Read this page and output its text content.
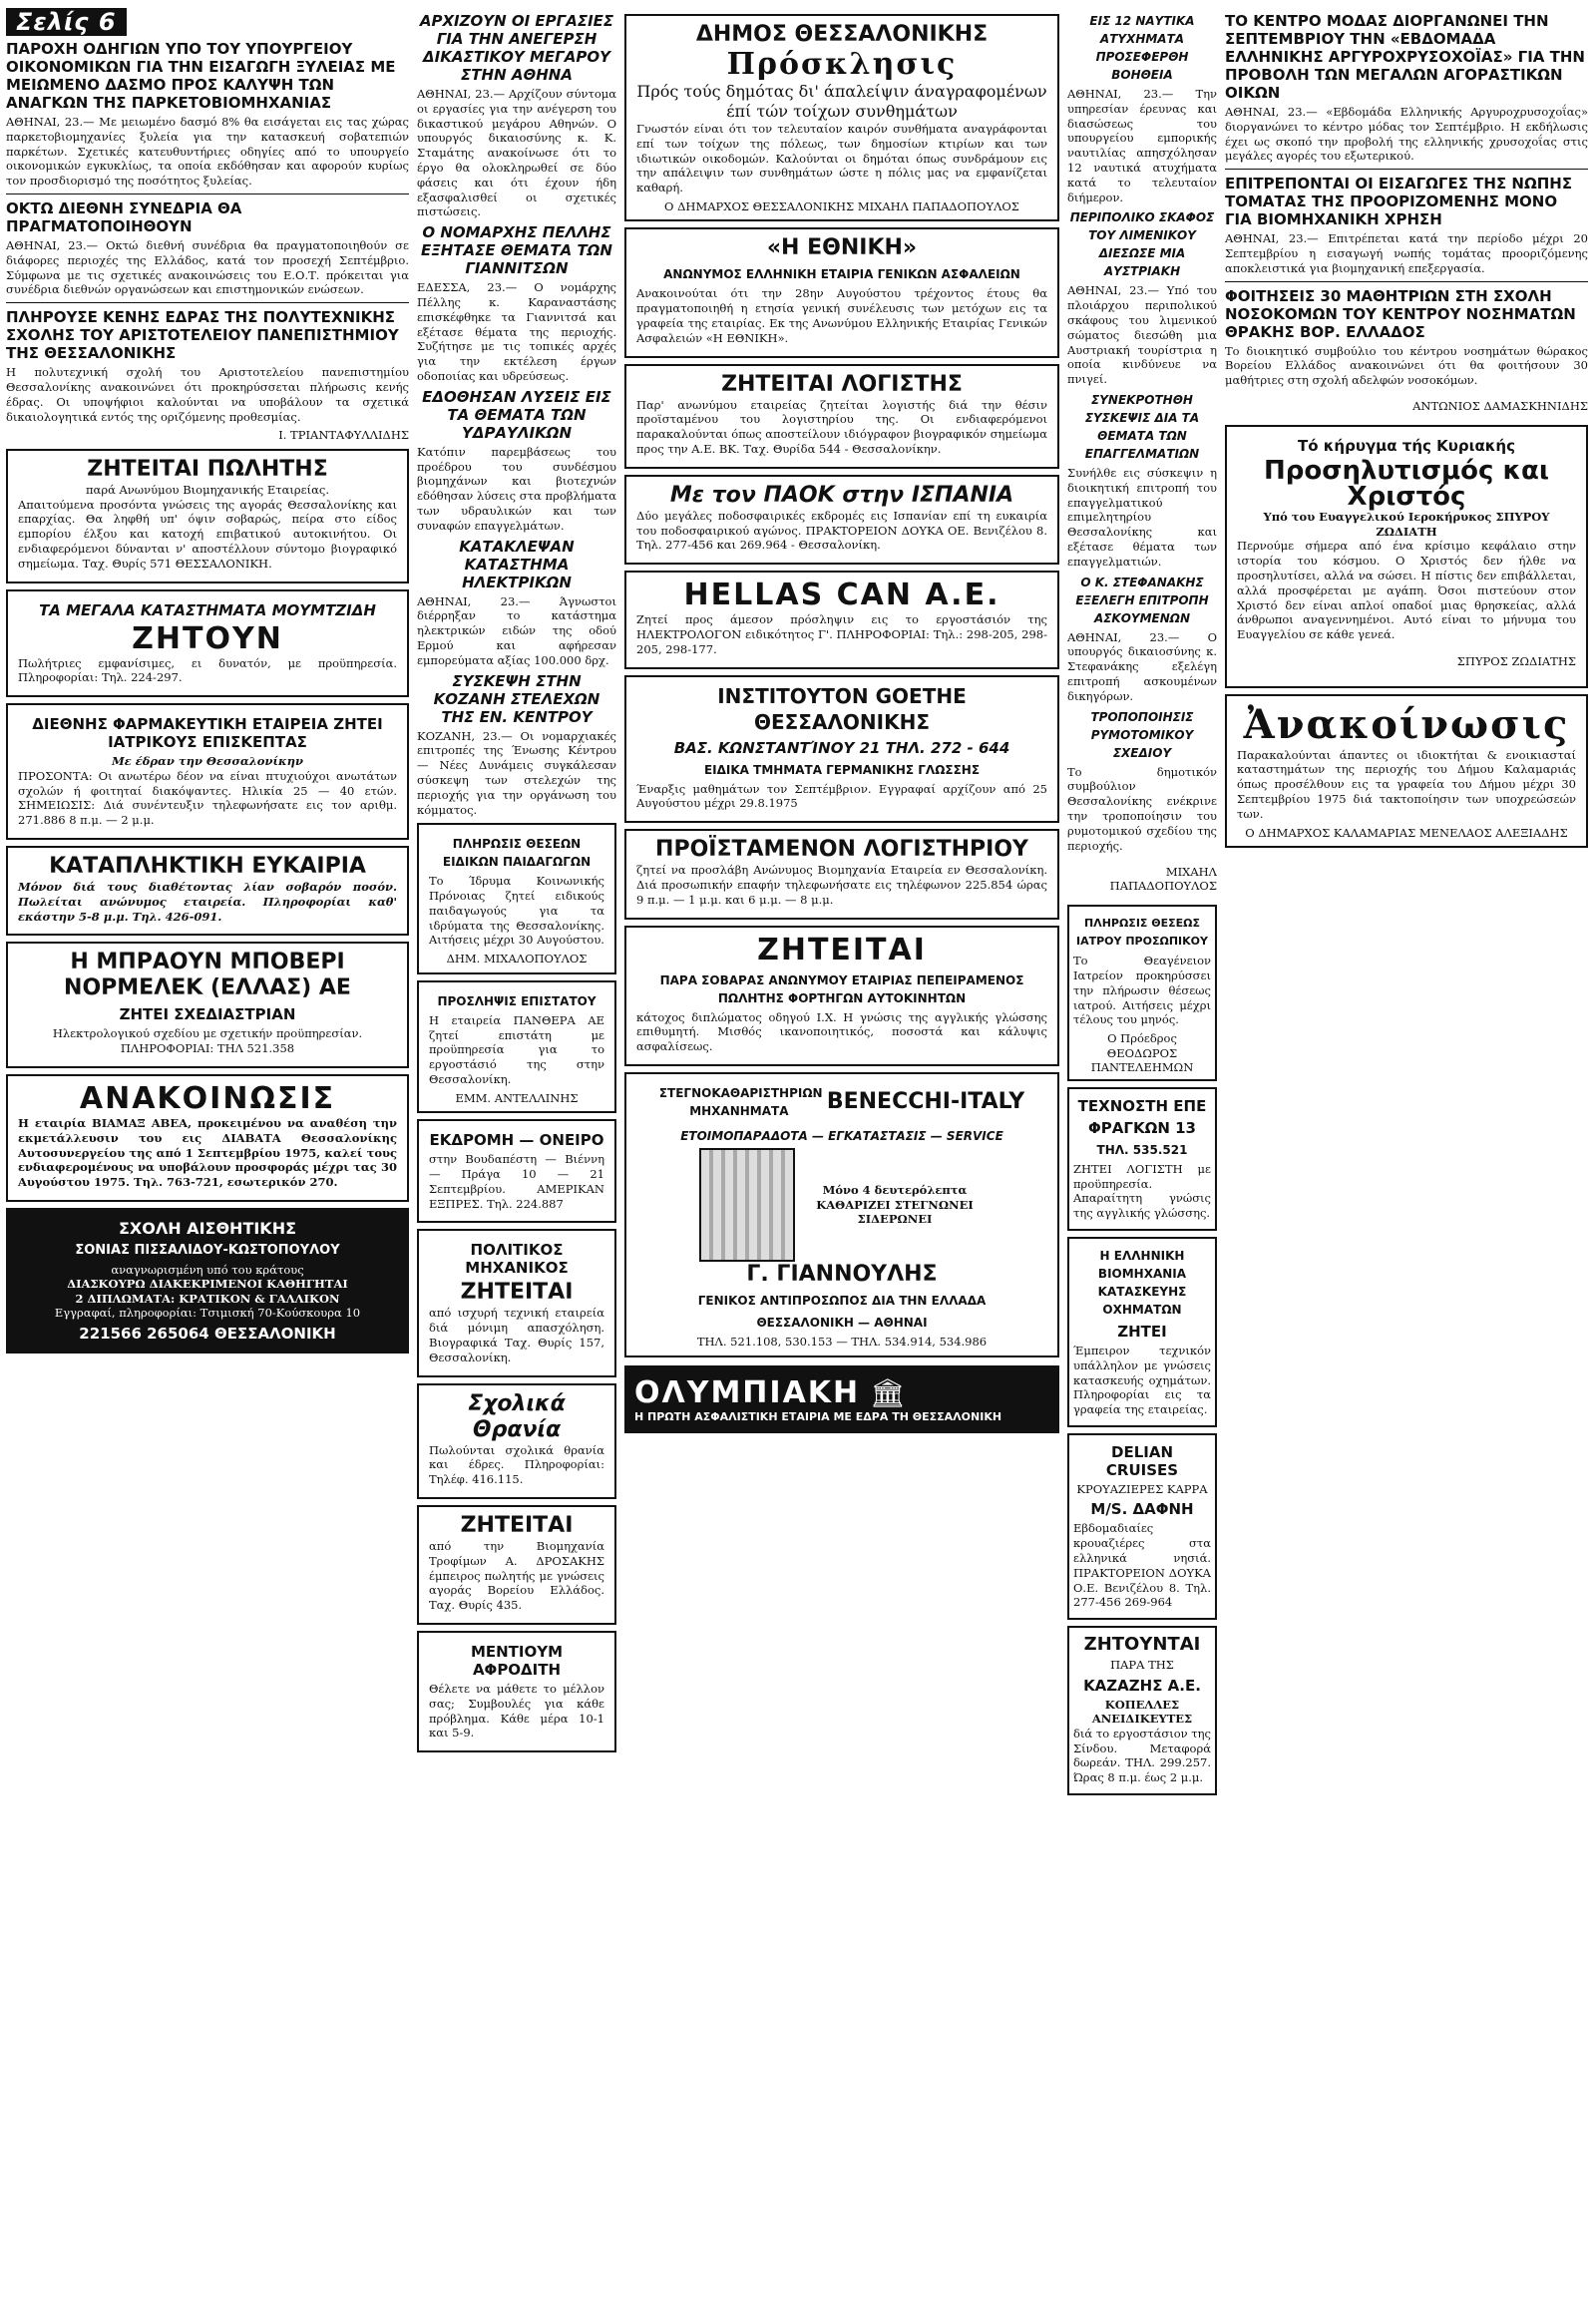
Σελίς 6
ΠΑΡΟΧΗ ΟΔΗΓΙΩΝ ΥΠΟ ΤΟΥ ΥΠΟΥΡΓΕΙΟΥ ΟΙΚΟΝΟΜΙΚΩΝ ΓΙΑ ΤΗΝ ΕΙΣΑΓΩΓΗ ΞΥΛΕΙΑΣ ΜΕ ΜΕΙΩΜΕΝΟ ΔΑΣΜΟ ΠΡΟΣ ΚΑΛΥΨΗ ΤΩΝ ΑΝΑΓΚΩΝ ΤΗΣ ΠΑΡΚΕΤΟΒΙΟΜΗΧΑΝΙΑΣ

ΑΘΗΝΑΙ, 23.— Με μειωμένο δασμό 8% θα εισάγεται εις τας χώρας παρκετοβιομηχανίες ξυλεία για την κατασκευή σοβατεπιών παρκέτων. Σχετικές κατευθυντήριες οδηγίες από το υπουργείο οικονομικών εγκυκλίως, τα οποία εκδόθησαν και αφορούν κυρίως τον προσδιορισμό της ποσότητος ξυλείας.

ΟΚΤΩ ΔΙΕΘΝΗ ΣΥΝΕΔΡΙΑ ΘΑ ΠΡΑΓΜΑΤΟΠΟΙΗΘΟΥΝ

ΑΘΗΝΑΙ, 23.— Οκτώ διεθνή συνέδρια θα πραγματοποιηθούν σε διάφορες περιοχές της Ελλάδος, κατά τον προσεχή Σεπτέμβριο. Σύμφωνα με τις σχετικές ανακοινώσεις του Ε.Ο.Τ. πρόκειται για συνέδρια διεθνών οργανώσεων και επιστημονικών ενώσεων.

ΠΛΗΡΟΥΣΕ ΚΕΝΗΣ ΕΔΡΑΣ ΤΗΣ ΠΟΛΥΤΕΧΝΙΚΗΣ ΣΧΟΛΗΣ ΤΟΥ ΑΡΙΣΤΟΤΕΛΕΙΟΥ ΠΑΝΕΠΙΣΤΗΜΙΟΥ ΤΗΣ ΘΕΣΣΑΛΟΝΙΚΗΣ

Η πολυτεχνική σχολή του Αριστοτελείου πανεπιστημίου Θεσσαλονίκης ανακοινώνει ότι προκηρύσσεται πλήρωσις κενής έδρας. Οι υποψήφιοι καλούνται να υποβάλουν τα σχετικά δικαιολογητικά εντός της οριζόμενης προθεσμίας.

Ι. ΤΡΙΑΝΤΑΦΥΛΛΙΔΗΣ

ΖΗΤΕΙΤΑΙ ΠΩΛΗΤΗΣ
παρά Ανωνύμου Βιομηχανικής Εταιρείας.

Απαιτούμενα προσόντα γνώσεις της αγοράς Θεσσαλονίκης και επαρχίας. Θα ληφθή υπ' όψιν σοβαρώς, πείρα στο είδος εμπορίου έλξου και κατοχή επιβατικού αυτοκινήτου. Οι ενδιαφερόμενοι δύνανται ν' αποστέλλουν σύντομο βιογραφικό σημείωμα. Ταχ. Θυρίς 571 ΘΕΣΣΑΛΟΝΙΚΗ.

ΤΑ ΜΕΓΑΛΑ ΚΑΤΑΣΤΗΜΑΤΑ ΜΟΥΜΤΖΙΔΗ
ΖΗΤΟΥΝ

Πωλήτριες εμφανίσιμες, ει δυνατόν, με προϋπηρεσία. Πληροφορίαι: Τηλ. 224-297.

ΔΙΕΘΝΗΣ ΦΑΡΜΑΚΕΥΤΙΚΗ ΕΤΑΙΡΕΙΑ ΖΗΤΕΙ ΙΑΤΡΙΚΟΥΣ ΕΠΙΣΚΕΠΤΑΣ
Με έδραν την Θεσσαλονίκην

ΠΡΟΣΟΝΤΑ: Οι ανωτέρω δέον να είναι πτυχιούχοι ανωτάτων σχολών ή φοιτηταί διακόψαντες. Ηλικία 25 — 40 ετών. ΣΗΜΕΙΩΣΙΣ: Διά συνέντευξιν τηλεφωνήσατε εις τον αριθμ. 271.886 8 π.μ. — 2 μ.μ.

ΚΑΤΑΠΛΗΚΤΙΚΗ ΕΥΚΑΙΡΙΑ

Μόνον διά τους διαθέτοντας λίαν σοβαρόν ποσόν. Πωλείται ανώνυμος εταιρεία. Πληροφορίαι καθ' εκάστην 5-8 μ.μ. Τηλ. 426-091.

Η ΜΠΡΑΟΥΝ ΜΠΟΒΕΡΙ ΝΟΡΜΕΛΕΚ (ΕΛΛΑΣ) ΑΕ
ΖΗΤΕΙ ΣΧΕΔΙΑΣΤΡΙΑΝ

Ηλεκτρολογικού σχεδίου με σχετικήν προϋπηρεσίαν. ΠΛΗΡΟΦΟΡΙΑΙ: ΤΗΛ 521.358

ΑΝΑΚΟΙΝΩΣΙΣ

Η εταιρία ΒΙΑΜΑΞ ΑΒΕΑ, προκειμένου να αναθέση την εκμετάλλευσιν του εις ΔΙΑΒΑΤΑ Θεσσαλονίκης Αυτοσυνεργείου της από 1 Σεπτεμβρίου 1975, καλεί τους ενδιαφερομένους να υποβάλουν προσφοράς μέχρι τας 30 Αυγούστου 1975. Τηλ. 763-721, εσωτερικόν 270.

ΣΧΟΛΗ ΑΙΣΘΗΤΙΚΗΣ
ΣΟΝΙΑΣ ΠΙΣΣΑΛΙΔΟΥ-ΚΩΣΤΟΠΟΥΛΟΥ
αναγνωρισμένη υπό του κράτους
ΔΙΑΣΚΟΥΡΩ ΔΙΑΚΕΚΡΙΜΕΝΟΙ ΚΑΘΗΓΗΤΑΙ
2 ΔΙΠΛΩΜΑΤΑ: ΚΡΑΤΙΚΟΝ & ΓΑΛΛΙΚΟΝ
Εγγραφαί, πληροφορίαι: Τσιμισκή 70-Κούσκουρα 10
221566 265064 ΘΕΣΣΑΛΟΝΙΚΗ
ΑΡΧΙΖΟΥΝ ΟΙ ΕΡΓΑΣΙΕΣ ΓΙΑ ΤΗΝ ΑΝΕΓΕΡΣΗ ΔΙΚΑΣΤΙΚΟΥ ΜΕΓΑΡΟΥ ΣΤΗΝ ΑΘΗΝΑ

ΑΘΗΝΑΙ, 23.— Αρχίζουν σύντομα οι εργασίες για την ανέγερση του δικαστικού μεγάρου Αθηνών. Ο υπουργός δικαιοσύνης κ. Κ. Σταμάτης ανακοίνωσε ότι το έργο θα ολοκληρωθεί σε δύο φάσεις και ότι έχουν ήδη εξασφαλισθεί οι σχετικές πιστώσεις.

Ο ΝΟΜΑΡΧΗΣ ΠΕΛΛΗΣ ΕΞΗΤΑΣΕ ΘΕΜΑΤΑ ΤΩΝ ΓΙΑΝΝΙΤΣΩΝ

ΕΔΕΣΣΑ, 23.— Ο νομάρχης Πέλλης κ. Καραναστάσης επισκέφθηκε τα Γιαννιτσά και εξέτασε θέματα της περιοχής. Συζήτησε με τις τοπικές αρχές για την εκτέλεση έργων οδοποιίας και υδρεύσεως.

ΕΔΟΘΗΣΑΝ ΛΥΣΕΙΣ ΕΙΣ ΤΑ ΘΕΜΑΤΑ ΤΩΝ ΥΔΡΑΥΛΙΚΩΝ

Κατόπιν παρεμβάσεως του προέδρου του συνδέσμου βιομηχάνων και βιοτεχνών εδόθησαν λύσεις στα προβλήματα των υδραυλικών και των συναφών επαγγελμάτων.

ΚΑΤΑΚΛΕΨΑΝ ΚΑΤΑΣΤΗΜΑ ΗΛΕΚΤΡΙΚΩΝ

ΑΘΗΝΑΙ, 23.— Άγνωστοι διέρρηξαν το κατάστημα ηλεκτρικών ειδών της οδού Ερμού και αφήρεσαν εμπορεύματα αξίας 100.000 δρχ.

ΣΥΣΚΕΨΗ ΣΤΗΝ ΚΟΖΑΝΗ ΣΤΕΛΕΧΩΝ ΤΗΣ ΕΝ. ΚΕΝΤΡΟΥ

ΚΟΖΑΝΗ, 23.— Οι νομαρχιακές επιτροπές της Ένωσης Κέντρου — Νέες Δυνάμεις συγκάλεσαν σύσκεψη των στελεχών της περιοχής για την οργάνωση του κόμματος.

ΠΛΗΡΩΣΙΣ ΘΕΣΕΩΝ ΕΙΔΙΚΩΝ ΠΑΙΔΑΓΩΓΩΝ

Το Ίδρυμα Κοινωνικής Πρόνοιας ζητεί ειδικούς παιδαγωγούς για τα ιδρύματα της Θεσσαλονίκης. Αιτήσεις μέχρι 30 Αυγούστου.

ΔΗΜ. ΜΙΧΑΛΟΠΟΥΛΟΣ
ΠΡΟΣΛΗΨΙΣ ΕΠΙΣΤΑΤΟΥ

Η εταιρεία ΠΑΝΘΕΡΑ ΑΕ ζητεί επιστάτη με προϋπηρεσία για το εργοστάσιό της στην Θεσσαλονίκη.

ΕΜΜ. ΑΝΤΕΛΛΙΝΗΣ
ΕΚΔΡΟΜΗ — ΟΝΕΙΡΟ

στην Βουδαπέστη — Βιέννη — Πράγα 10 — 21 Σεπτεμβρίου. ΑΜΕΡΙΚΑΝ ΕΞΠΡΕΣ. Τηλ. 224.887

ΠΟΛΙΤΙΚΟΣ ΜΗΧΑΝΙΚΟΣ
ΖΗΤΕΙΤΑΙ

από ισχυρή τεχνική εταιρεία διά μόνιμη απασχόληση. Βιογραφικά Ταχ. Θυρίς 157, Θεσσαλονίκη.

Σχολικά Θρανία

Πωλούνται σχολικά θρανία και έδρες. Πληροφορίαι: Τηλέφ. 416.115.

ΖΗΤΕΙΤΑΙ

από την Βιομηχανία Τροφίμων Α. ΔΡΟΣΑΚΗΣ έμπειρος πωλητής με γνώσεις αγοράς Βορείου Ελλάδος. Ταχ. Θυρίς 435.

ΜΕΝΤΙΟΥΜ ΑΦΡΟΔΙΤΗ

Θέλετε να μάθετε το μέλλον σας; Συμβουλές για κάθε πρόβλημα. Κάθε μέρα 10-1 και 5-9.

ΔΗΜΟΣ ΘΕΣΣΑΛΟΝΙΚΗΣ
Πρόσκλησις
Πρός τούς δημότας δι' άπαλείψιν άναγραφομένων έπί τών τοίχων συνθημάτων

Γνωστόν είναι ότι τον τελευταίον καιρόν συνθήματα αναγράφονται επί των τοίχων της πόλεως, των δημοσίων κτιρίων και των ιδιωτικών οικοδομών. Καλούνται οι δημόται όπως συνδράμουν εις την απάλειψιν των συνθημάτων ώστε η πόλις μας να εμφανίζεται καθαρή.

Ο ΔΗΜΑΡΧΟΣ ΘΕΣΣΑΛΟΝΙΚΗΣ ΜΙΧΑΗΛ ΠΑΠΑΔΟΠΟΥΛΟΣ
«Η ΕΘΝΙΚΗ»
ΑΝΩΝΥΜΟΣ ΕΛΛΗΝΙΚΗ ΕΤΑΙΡΙΑ ΓΕΝΙΚΩΝ ΑΣΦΑΛΕΙΩΝ

Ανακοινούται ότι την 28ην Αυγούστου τρέχοντος έτους θα πραγματοποιηθή η ετησία γενική συνέλευσις των μετόχων εις τα γραφεία της εταιρίας. Εκ της Ανωνύμου Ελληνικής Εταιρίας Γενικών Ασφαλειών «Η ΕΘΝΙΚΗ».

ΖΗΤΕΙΤΑΙ ΛΟΓΙΣΤΗΣ

Παρ' ανωνύμου εταιρείας ζητείται λογιστής διά την θέσιν προϊσταμένου του λογιστηρίου της. Οι ενδιαφερόμενοι παρακαλούνται όπως αποστείλουν ιδιόγραφον βιογραφικόν σημείωμα προς την Α.Ε. ΒΚ. Ταχ. Θυρίδα 544 - Θεσσαλονίκην.

Με τον ΠΑΟΚ στην ΙΣΠΑΝΙΑ

Δύο μεγάλες ποδοσφαιρικές εκδρομές εις Ισπανίαν επί τη ευκαιρία του ποδοσφαιρικού αγώνος. ΠΡΑΚΤΟΡΕΙΟΝ ΔΟΥΚΑ ΟΕ. Βενιζέλου 8. Τηλ. 277-456 και 269.964 - Θεσσαλονίκη.

HELLAS CAN A.E.

Ζητεί προς άμεσον πρόσληψιν εις το εργοστάσιόν της ΗΛΕΚΤΡΟΛΟΓΟΝ ειδικότητος Γ'. ΠΛΗΡΟΦΟΡΙΑΙ: Τηλ.: 298-205, 298-205, 298-177.

ΙΝΣΤΙΤΟΥΤΟΝ GOETHE ΘΕΣΣΑΛΟΝΙΚΗΣ
ΒΑΣ. ΚΩΝΣΤΑΝΤΊΝΟΥ 21 ΤΗΛ. 272 - 644
ΕΙΔΙΚΑ ΤΜΗΜΑΤΑ ΓΕΡΜΑΝΙΚΗΣ ΓΛΩΣΣΗΣ

Έναρξις μαθημάτων τον Σεπτέμβριον. Εγγραφαί αρχίζουν από 25 Αυγούστου μέχρι 29.8.1975

ΠΡΟΪΣΤΑΜΕΝΟΝ ΛΟΓΙΣΤΗΡΙΟΥ

ζητεί να προσλάβη Ανώνυμος Βιομηχανία Εταιρεία εν Θεσσαλονίκη. Διά προσωπικήν επαφήν τηλεφωνήσατε εις τηλέφωνον 225.854 ώρας 9 π.μ. — 1 μ.μ. και 6 μ.μ. — 8 μ.μ.

ΖΗΤΕΙΤΑΙ
ΠΑΡΑ ΣΟΒΑΡΑΣ ΑΝΩΝΥΜΟΥ ΕΤΑΙΡΙΑΣ ΠΕΠΕΙΡΑΜΕΝΟΣ ΠΩΛΗΤΗΣ ΦΟΡΤΗΓΩΝ ΑΥΤΟΚΙΝΗΤΩΝ

κάτοχος διπλώματος οδηγού Ι.Χ. Η γνώσις της αγγλικής γλώσσης επιθυμητή. Μισθός ικανοποιητικός, ποσοστά και κάλυψις ασφαλίσεως.

ΣΤΕΓΝΟΚΑΘΑΡΙΣΤΗΡΙΩΝ ΜΗΧΑΝΗΜΑΤΑ	BENECCHI-ITALY
ΕΤΟΙΜΟΠΑΡΑΔΟΤΑ — ΕΓΚΑΤΑΣΤΑΣΙΣ — SERVICE
Μόνο 4 δευτερόλεπτα ΚΑΘΑΡΙΖΕΙ ΣΤΕΓΝΩΝΕΙ ΣΙΔΕΡΩΝΕΙ
Γ. ΓΙΑΝΝΟΥΛΗΣ
ΓΕΝΙΚΟΣ ΑΝΤΙΠΡΟΣΩΠΟΣ ΔΙΑ ΤΗΝ ΕΛΛΑΔΑ
ΘΕΣΣΑΛΟΝΙΚΗ — ΑΘΗΝΑΙ
ΤΗΛ. 521.108, 530.153 — ΤΗΛ. 534.914, 534.986
ΟΛΥΜΠΙΑΚΗ 🏛
Η ΠΡΩΤΗ ΑΣΦΑΛΙΣΤΙΚΗ ΕΤΑΙΡΙΑ ΜΕ ΕΔΡΑ ΤΗ ΘΕΣΣΑΛΟΝΙΚΗ
ΕΙΣ 12 ΝΑΥΤΙΚΑ ΑΤΥΧΗΜΑΤΑ ΠΡΟΣΕΦΕΡΘΗ ΒΟΗΘΕΙΑ

ΑΘΗΝΑΙ, 23.— Την υπηρεσίαν έρευνας και διασώσεως του υπουργείου εμπορικής ναυτιλίας απησχόλησαν 12 ναυτικά ατυχήματα κατά το τελευταίον διήμερον.

ΠΕΡΙΠΟΛΙΚΟ ΣΚΑΦΟΣ ΤΟΥ ΛΙΜΕΝΙΚΟΥ ΔΙΕΣΩΣΕ ΜΙΑ ΑΥΣΤΡΙΑΚΗ

ΑΘΗΝΑΙ, 23.— Υπό του πλοιάρχου περιπολικού σκάφους του λιμενικού σώματος διεσώθη μια Αυστριακή τουρίστρια η οποία κινδύνευε να πνιγεί.

ΣΥΝΕΚΡΟΤΗΘΗ ΣΥΣΚΕΨΙΣ ΔΙΑ ΤΑ ΘΕΜΑΤΑ ΤΩΝ ΕΠΑΓΓΕΛΜΑΤΙΩΝ

Συνήλθε εις σύσκεψιν η διοικητική επιτροπή του επαγγελματικού επιμελητηρίου Θεσσαλονίκης και εξέτασε θέματα των επαγγελματιών.

Ο Κ. ΣΤΕΦΑΝΑΚΗΣ ΕΞΕΛΕΓΗ ΕΠΙΤΡΟΠΗ ΑΣΚΟΥΜΕΝΩΝ

ΑΘΗΝΑΙ, 23.— Ο υπουργός δικαιοσύνης κ. Στεφανάκης εξελέγη επιτροπή ασκουμένων δικηγόρων.

ΤΡΟΠΟΠΟΙΗΣΙΣ ΡΥΜΟΤΟΜΙΚΟΥ ΣΧΕΔΙΟΥ

Το δημοτικόν συμβούλιον Θεσσαλονίκης ενέκρινε την τροποποίησιν του ρυμοτομικού σχεδίου της περιοχής.

ΜΙΧΑΗΛ ΠΑΠΑΔΟΠΟΥΛΟΣ

ΠΛΗΡΩΣΙΣ ΘΕΣΕΩΣ ΙΑΤΡΟΥ ΠΡΟΣΩΠΙΚΟΥ

Το Θεαγένειον Ιατρείον προκηρύσσει την πλήρωσιν θέσεως ιατρού. Αιτήσεις μέχρι τέλους του μηνός.

Ο Πρόεδρος ΘΕΟΔΩΡΟΣ ΠΑΝΤΕΛΕΗΜΩΝ
ΤΕΧΝΟΣΤΗ ΕΠΕ
ΦΡΑΓΚΩΝ 13
ΤΗΛ. 535.521

ΖΗΤΕΙ ΛΟΓΙΣΤΗ με προϋπηρεσία. Απαραίτητη γνώσις της αγγλικής γλώσσης.

Η ΕΛΛΗΝΙΚΗ ΒΙΟΜΗΧΑΝΙΑ ΚΑΤΑΣΚΕΥΗΣ ΟΧΗΜΑΤΩΝ
ΖΗΤΕΙ

Έμπειρον τεχνικόν υπάλληλον με γνώσεις κατασκευής οχημάτων. Πληροφορίαι εις τα γραφεία της εταιρείας.

DELIAN CRUISES
ΚΡΟΥΑΖΙΕΡΕΣ ΚΑΡΡΑ
M/S. ΔΑΦΝΗ

Εβδομαδιαίες κρουαζιέρες στα ελληνικά νησιά. ΠΡΑΚΤΟΡΕΙΟΝ ΔΟΥΚΑ Ο.Ε. Βενιζέλου 8. Τηλ. 277-456 269-964

ΖΗΤΟΥΝΤΑΙ
ΠΑΡΑ ΤΗΣ
ΚΑΖΑΖΗΣ Α.Ε.
ΚΟΠΕΛΛΕΣ ΑΝΕΙΔΙΚΕΥΤΕΣ

διά το εργοστάσιον της Σίνδου. Μεταφορά δωρεάν. ΤΗΛ. 299.257. Ώρας 8 π.μ. έως 2 μ.μ.

ΤΟ ΚΕΝΤΡΟ ΜΟΔΑΣ ΔΙΟΡΓΑΝΩΝΕΙ ΤΗΝ ΣΕΠΤΕΜΒΡΙΟΥ ΤΗΝ «ΕΒΔΟΜΑΔΑ ΕΛΛΗΝΙΚΗΣ ΑΡΓΥΡΟΧΡΥΣΟΧΟΪΑΣ» ΓΙΑ ΤΗΝ ΠΡΟΒΟΛΗ ΤΩΝ ΜΕΓΑΛΩΝ ΑΓΟΡΑΣΤΙΚΩΝ ΟΙΚΩΝ

ΑΘΗΝΑΙ, 23.— «Εβδομάδα Ελληνικής Αργυροχρυσοχοΐας» διοργανώνει το κέντρο μόδας τον Σεπτέμβριο. Η εκδήλωσις έχει ως σκοπό την προβολή της ελληνικής χρυσοχοΐας στις μεγάλες αγορές του εξωτερικού.

ΕΠΙΤΡΕΠΟΝΤΑΙ ΟΙ ΕΙΣΑΓΩΓΕΣ ΤΗΣ ΝΩΠΗΣ ΤΟΜΑΤΑΣ ΤΗΣ ΠΡΟΟΡΙΖΟΜΕΝΗΣ ΜΟΝΟ ΓΙΑ ΒΙΟΜΗΧΑΝΙΚΗ ΧΡΗΣΗ

ΑΘΗΝΑΙ, 23.— Επιτρέπεται κατά την περίοδο μέχρι 20 Σεπτεμβρίου η εισαγωγή νωπής τομάτας προοριζόμενης αποκλειστικά για βιομηχανική επεξεργασία.

ΦΟΙΤΗΣΕΙΣ 30 ΜΑΘΗΤΡΙΩΝ ΣΤΗ ΣΧΟΛΗ ΝΟΣΟΚΟΜΩΝ ΤΟΥ ΚΕΝΤΡΟΥ ΝΟΣΗΜΑΤΩΝ ΘΡΑΚΗΣ ΒΟΡ. ΕΛΛΑΔΟΣ

Το διοικητικό συμβούλιο του κέντρου νοσημάτων θώρακος Βορείου Ελλάδος ανακοινώνει ότι θα φοιτήσουν 30 μαθήτριες στη σχολή αδελφών νοσοκόμων.

ΑΝΤΩΝΙΟΣ ΔΑΜΑΣΚΗΝΙΔΗΣ

Τό κήρυγμα τής Κυριακής
Προσηλυτισμός και Χριστός
Υπό του Ευαγγελικού Ιεροκήρυκος ΣΠΥΡΟΥ ΖΩΔΙΑΤΗ

Περνούμε σήμερα από ένα κρίσιμο κεφάλαιο στην ιστορία του κόσμου. Ο Χριστός δεν ήλθε να προσηλυτίσει, αλλά να σώσει. Η πίστις δεν επιβάλλεται, αλλά προσφέρεται με αγάπη. Όσοι πιστεύουν στον Χριστό δεν είναι απλοί οπαδοί μιας θρησκείας, αλλά άνθρωποι αναγεννημένοι. Αυτό είναι το μήνυμα του Ευαγγελίου σε κάθε γενεά.

ΣΠΥΡΟΣ ΖΩΔΙΑΤΗΣ

Ἀνακοίνωσις

Παρακαλούνται άπαντες οι ιδιοκτήται & ενοικιασταί καταστημάτων της περιοχής του Δήμου Καλαμαριάς όπως προσέλθουν εις τα γραφεία του Δήμου μέχρι 30 Σεπτεμβρίου 1975 διά τακτοποίησιν των υποχρεώσεών των.

Ο ΔΗΜΑΡΧΟΣ ΚΑΛΑΜΑΡΙΑΣ ΜΕΝΕΛΑΟΣ ΑΛΕΞΙΑΔΗΣ
